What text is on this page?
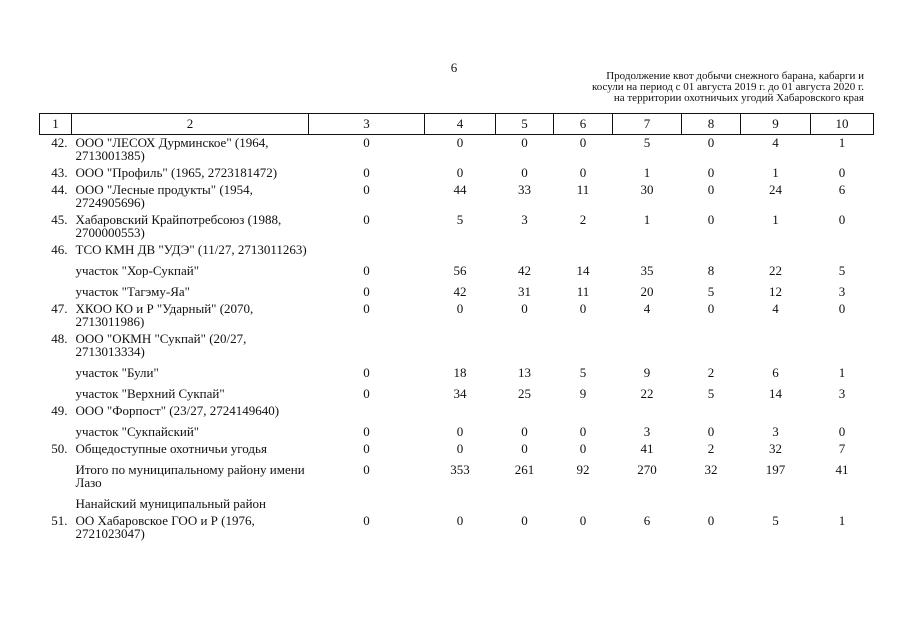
6
Продолжение квот добычи снежного барана, кабарги и
косули на период с 01 августа 2019 г. до 01 августа 2020 г.
на территории охотничьих угодий Хабаровского края
1	2	3	4	5	6	7	8	9	10
42.	ООО "ЛЕСОХ Дурминское" (1964, 2713001385)	0	0	0	0	5	0	4	1
43.	ООО "Профиль" (1965, 2723181472)	0	0	0	0	1	0	1	0
44.	ООО "Лесные продукты" (1954, 2724905696)	0	44	33	11	30	0	24	6
45.	Хабаровский Крайпотребсоюз (1988, 2700000553)	0	5	3	2	1	0	1	0
46.	ТСО КМН ДВ "УДЭ" (11/27, 2713011263)								
	участок "Хор-Сукпай"	0	56	42	14	35	8	22	5
	участок "Тагэму-Яа"	0	42	31	11	20	5	12	3
47.	ХКОО КО и Р "Ударный" (2070, 2713011986)	0	0	0	0	4	0	4	0
48.	ООО "ОКМН "Сукпай" (20/27, 2713013334)								
	участок "Були"	0	18	13	5	9	2	6	1
	участок "Верхний Сукпай"	0	34	25	9	22	5	14	3
49.	ООО "Форпост" (23/27, 2724149640)								
	участок "Сукпайский"	0	0	0	0	3	0	3	0
50.	Общедоступные охотничьи угодья	0	0	0	0	41	2	32	7
	Итого по муниципальному району имени Лазо	0	353	261	92	270	32	197	41
	Нанайский муниципальный район								
51.	ОО Хабаровское ГОО и Р (1976, 2721023047)	0	0	0	0	6	0	5	1
